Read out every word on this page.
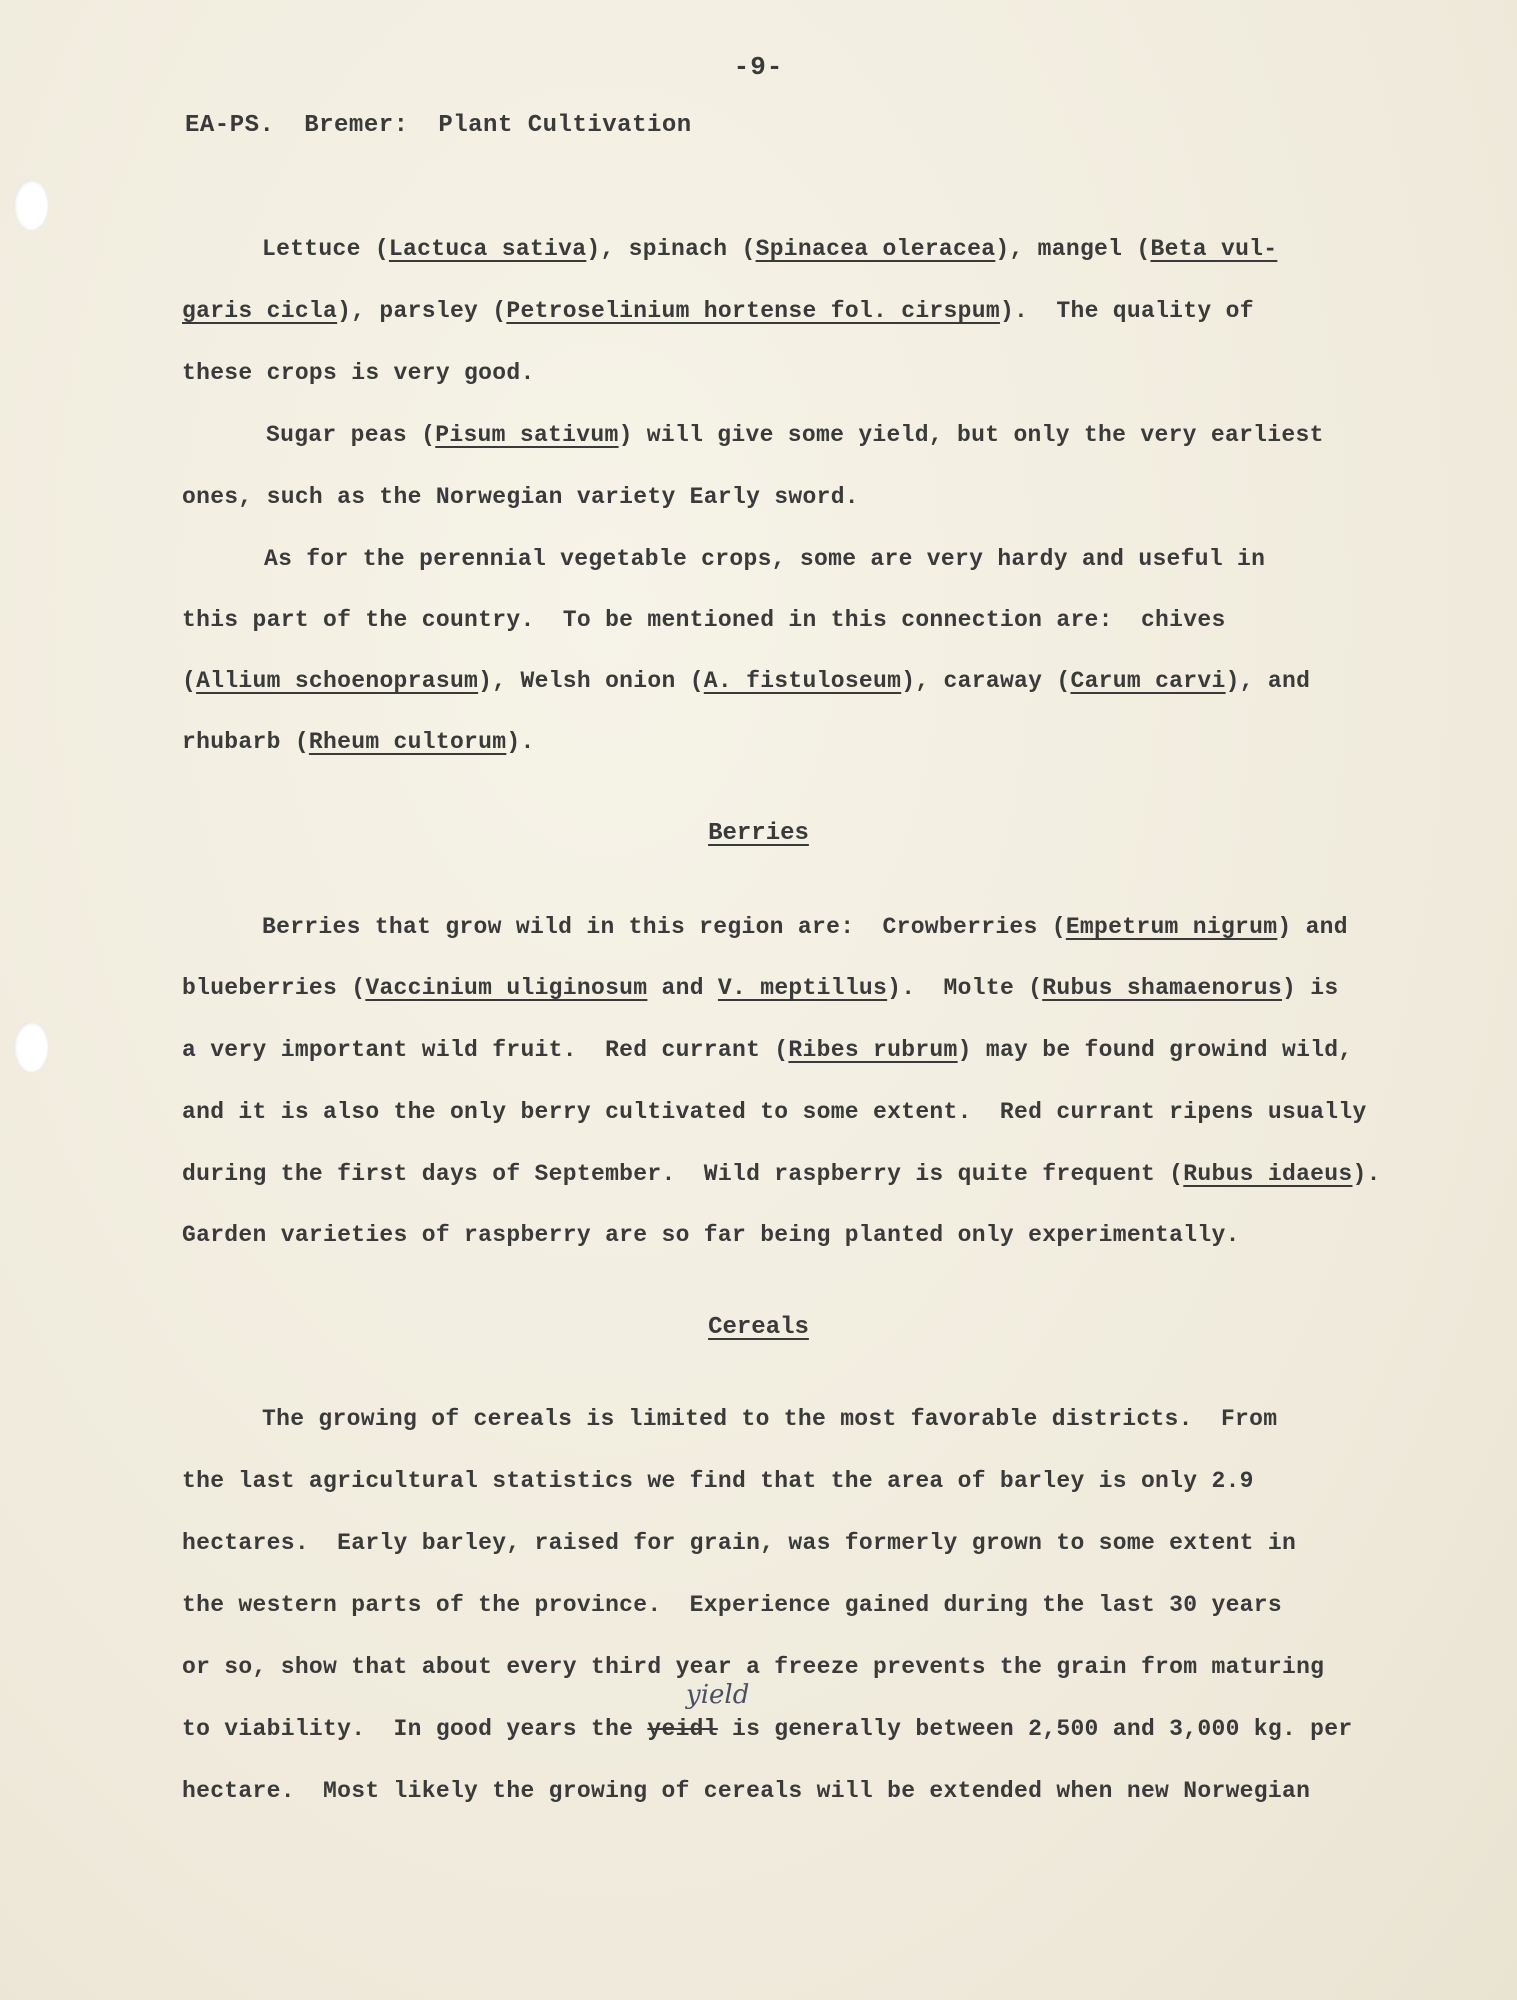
-9-
EA-PS.  Bremer:  Plant Cultivation
Lettuce (Lactuca sativa), spinach (Spinacea oleracea), mangel (Beta vul-
garis cicla), parsley (Petroselinium hortense fol. cirspum).  The quality of
these crops is very good.
Sugar peas (Pisum sativum) will give some yield, but only the very earliest
ones, such as the Norwegian variety Early sword.
As for the perennial vegetable crops, some are very hardy and useful in
this part of the country.  To be mentioned in this connection are:  chives
(Allium schoenoprasum), Welsh onion (A. fistuloseum), caraway (Carum carvi), and
rhubarb (Rheum cultorum).
Berries
Berries that grow wild in this region are:  Crowberries (Empetrum nigrum) and
blueberries (Vaccinium uliginosum and V. meptillus).  Molte (Rubus shamaenorus) is
a very important wild fruit.  Red currant (Ribes rubrum) may be found growind wild,
and it is also the only berry cultivated to some extent.  Red currant ripens usually
during the first days of September.  Wild raspberry is quite frequent (Rubus idaeus).
Garden varieties of raspberry are so far being planted only experimentally.
Cereals
The growing of cereals is limited to the most favorable districts.  From
the last agricultural statistics we find that the area of barley is only 2.9
hectares.  Early barley, raised for grain, was formerly grown to some extent in
the western parts of the province.  Experience gained during the last 30 years
or so, show that about every third year a freeze prevents the grain from maturing
yield
to viability.  In good years the yeidl is generally between 2,500 and 3,000 kg. per
hectare.  Most likely the growing of cereals will be extended when new Norwegian
